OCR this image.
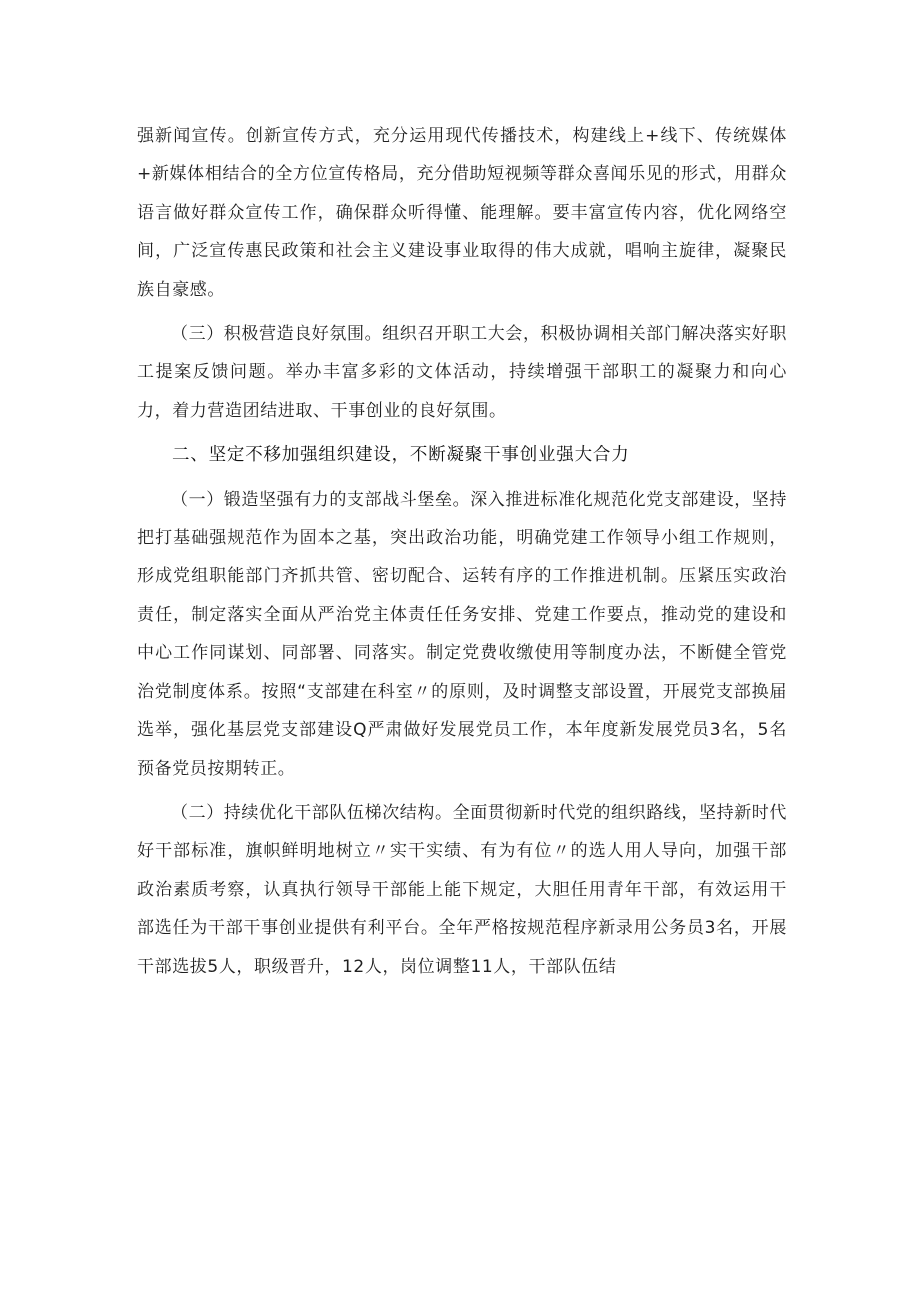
强新闻宣传。创新宣传方式，充分运用现代传播技术，构建线上+线下、传统媒体+新媒体相结合的全方位宣传格局，充分借助短视频等群众喜闻乐见的形式，用群众语言做好群众宣传工作，确保群众听得懂、能理解。要丰富宣传内容，优化网络空间，广泛宣传惠民政策和社会主义建设事业取得的伟大成就，唱响主旋律，凝聚民族自豪感。

（三）积极营造良好氛围。组织召开职工大会，积极协调相关部门解决落实好职工提案反馈问题。举办丰富多彩的文体活动，持续增强干部职工的凝聚力和向心力，着力营造团结进取、干事创业的良好氛围。

二、坚定不移加强组织建设，不断凝聚干事创业强大合力

（一）锻造坚强有力的支部战斗堡垒。深入推进标准化规范化党支部建设，坚持把打基础强规范作为固本之基，突出政治功能，明确党建工作领导小组工作规则，形成党组职能部门齐抓共管、密切配合、运转有序的工作推进机制。压紧压实政治责任，制定落实全面从严治党主体责任任务安排、党建工作要点，推动党的建设和中心工作同谋划、同部署、同落实。制定党费收缴使用等制度办法，不断健全管党治党制度体系。按照“支部建在科室〃的原则，及时调整支部设置，开展党支部换届选举，强化基层党支部建设Q严肃做好发展党员工作，本年度新发展党员3名，5名预备党员按期转正。

（二）持续优化干部队伍梯次结构。全面贯彻新时代党的组织路线，坚持新时代好干部标准，旗帜鲜明地树立〃实干实绩、有为有位〃的选人用人导向，加强干部政治素质考察，认真执行领导干部能上能下规定，大胆任用青年干部，有效运用干部选任为干部干事创业提供有利平台。全年严格按规范程序新录用公务员3名，开展干部选拔5人，职级晋升，12人，岗位调整11人，干部队伍结
